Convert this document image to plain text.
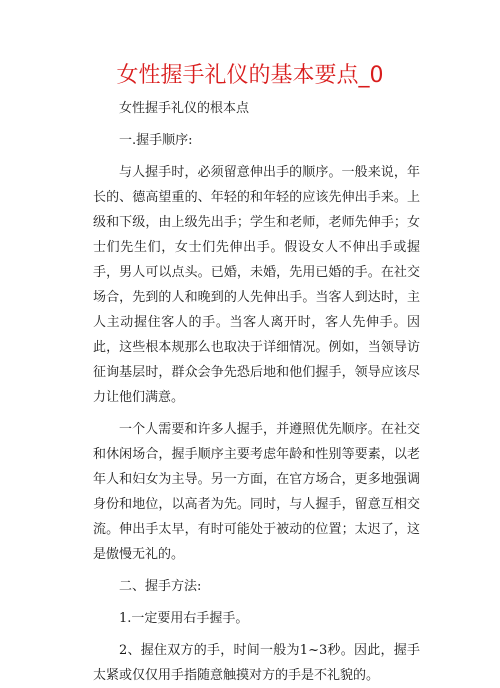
女性握手礼仪的基本要点_0

女性握手礼仪的根本点

一.握手顺序:

与人握手时，必须留意伸出手的顺序。一般来说，年长的、德高望重的、年轻的和年轻的应该先伸出手来。上级和下级，由上级先出手；学生和老师，老师先伸手；女士们先生们，女士们先伸出手。假设女人不伸出手或握手，男人可以点头。已婚，未婚，先用已婚的手。在社交场合，先到的人和晚到的人先伸出手。当客人到达时，主人主动握住客人的手。当客人离开时，客人先伸手。因此，这些根本规那么也取决于详细情况。例如，当领导访征询基层时，群众会争先恐后地和他们握手，领导应该尽力让他们满意。

一个人需要和许多人握手，并遵照优先顺序。在社交和休闲场合，握手顺序主要考虑年龄和性别等要素，以老年人和妇女为主导。另一方面，在官方场合，更多地强调身份和地位，以高者为先。同时，与人握手，留意互相交流。伸出手太早，有时可能处于被动的位置；太迟了，这是傲慢无礼的。

二、握手方法:

1.一定要用右手握手。

2、握住双方的手，时间一般为1~3秒。因此，握手太紧或仅仅用手指随意触摸对方的手是不礼貌的。
